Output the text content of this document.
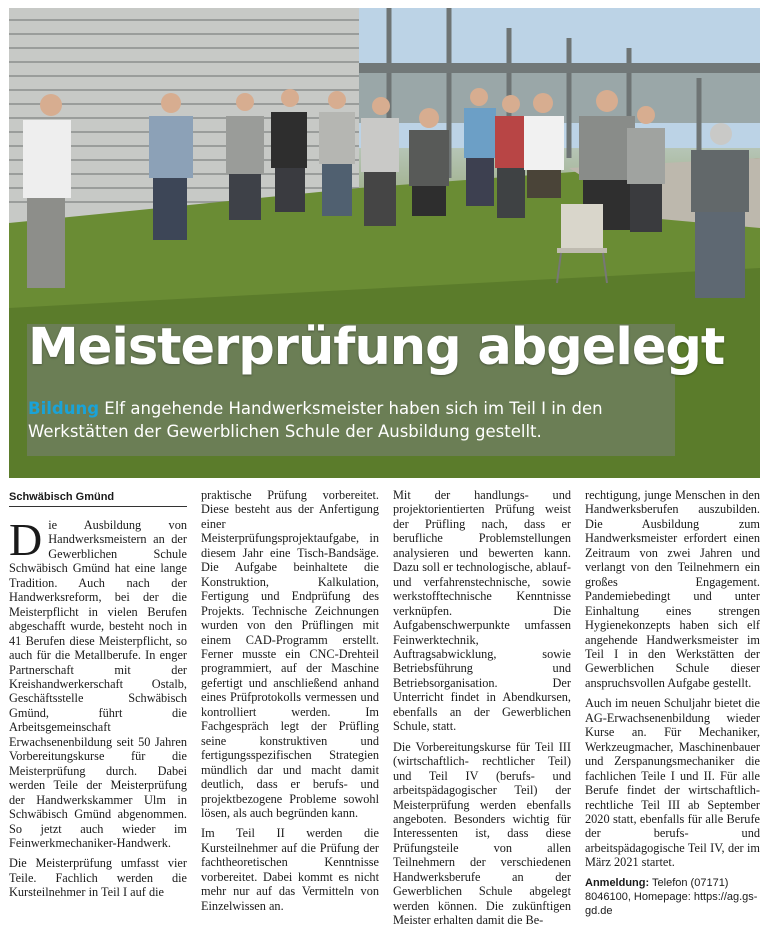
Meisterprüfung abgelegt

Bildung Elf angehende Handwerksmeister haben sich im Teil I in den Werkstätten der Gewerblichen Schule der Ausbildung gestellt.

Schwäbisch Gmünd

Die Ausbildung von Handwerksmeistern an der Gewerblichen Schule Schwäbisch Gmünd hat eine lange Tradition. Auch nach der Handwerksreform, bei der die Meisterpflicht in vielen Berufen abgeschafft wurde, besteht noch in 41 Berufen diese Meisterpflicht, so auch für die Metallberufe. In enger Partnerschaft mit der Kreishandwerkerschaft Ostalb, Geschäftsstelle Schwäbisch Gmünd, führt die Arbeitsgemeinschaft Erwachsenenbildung seit 50 Jahren Vorbereitungskurse für die Meisterprüfung durch. Dabei werden Teile der Meisterprüfung der Handwerkskammer Ulm in Schwäbisch Gmünd abgenommen. So jetzt auch wieder im Feinwerkmechaniker-Handwerk.

Die Meisterprüfung umfasst vier Teile. Fachlich werden die Kursteilnehmer in Teil I auf die

praktische Prüfung vorbereitet. Diese besteht aus der Anfertigung einer Meisterprüfungsprojektaufgabe, in diesem Jahr eine Tisch-Bandsäge. Die Aufgabe beinhaltete die Konstruktion, Kalkulation, Fertigung und Endprüfung des Projekts. Technische Zeichnungen wurden von den Prüflingen mit einem CAD-Programm erstellt. Ferner musste ein CNC-Drehteil programmiert, auf der Maschine gefertigt und anschließend anhand eines Prüfprotokolls vermessen und kontrolliert werden. Im Fachgespräch legt der Prüfling seine konstruktiven und fertigungsspezifischen Strategien mündlich dar und macht damit deutlich, dass er berufs- und projektbezogene Probleme sowohl lösen, als auch begründen kann.

Im Teil II werden die Kursteilnehmer auf die Prüfung der fachtheoretischen Kenntnisse vorbereitet. Dabei kommt es nicht mehr nur auf das Vermitteln von Einzelwissen an.

Mit der handlungs- und projektorientierten Prüfung weist der Prüfling nach, dass er berufliche Problemstellungen analysieren und bewerten kann. Dazu soll er technologische, ablauf- und verfahrenstechnische, sowie werkstofftechnische Kenntnisse verknüpfen. Die Aufgabenschwerpunkte umfassen Feinwerktechnik, Auftragsabwicklung, sowie Betriebsführung und Betriebsorganisation. Der Unterricht findet in Abendkursen, ebenfalls an der Gewerblichen Schule, statt.

Die Vorbereitungskurse für Teil III (wirtschaftlich- rechtlicher Teil) und Teil IV (berufs- und arbeitspädagogischer Teil) der Meisterprüfung werden ebenfalls angeboten. Besonders wichtig für Interessenten ist, dass diese Prüfungsteile von allen Teilnehmern der verschiedenen Handwerksberufe an der Gewerblichen Schule abgelegt werden können. Die zukünftigen Meister erhalten damit die Be-

rechtigung, junge Menschen in den Handwerksberufen auszubilden. Die Ausbildung zum Handwerksmeister erfordert einen Zeitraum von zwei Jahren und verlangt von den Teilnehmern ein großes Engagement. Pandemiebedingt und unter Einhaltung eines strengen Hygienekonzepts haben sich elf angehende Handwerksmeister im Teil I in den Werkstätten der Gewerblichen Schule dieser anspruchsvollen Aufgabe gestellt.

Auch im neuen Schuljahr bietet die AG-Erwachsenenbildung wieder Kurse an. Für Mechaniker, Werkzeugmacher, Maschinenbauer und Zerspanungsmechaniker die fachlichen Teile I und II. Für alle Berufe findet der wirtschaftlich-rechtliche Teil III ab September 2020 statt, ebenfalls für alle Berufe der berufs- und arbeitspädagogische Teil IV, der im März 2021 startet.

Anmeldung: Telefon (07171) 8046100, Homepage: https://ag.gs-gd.de
